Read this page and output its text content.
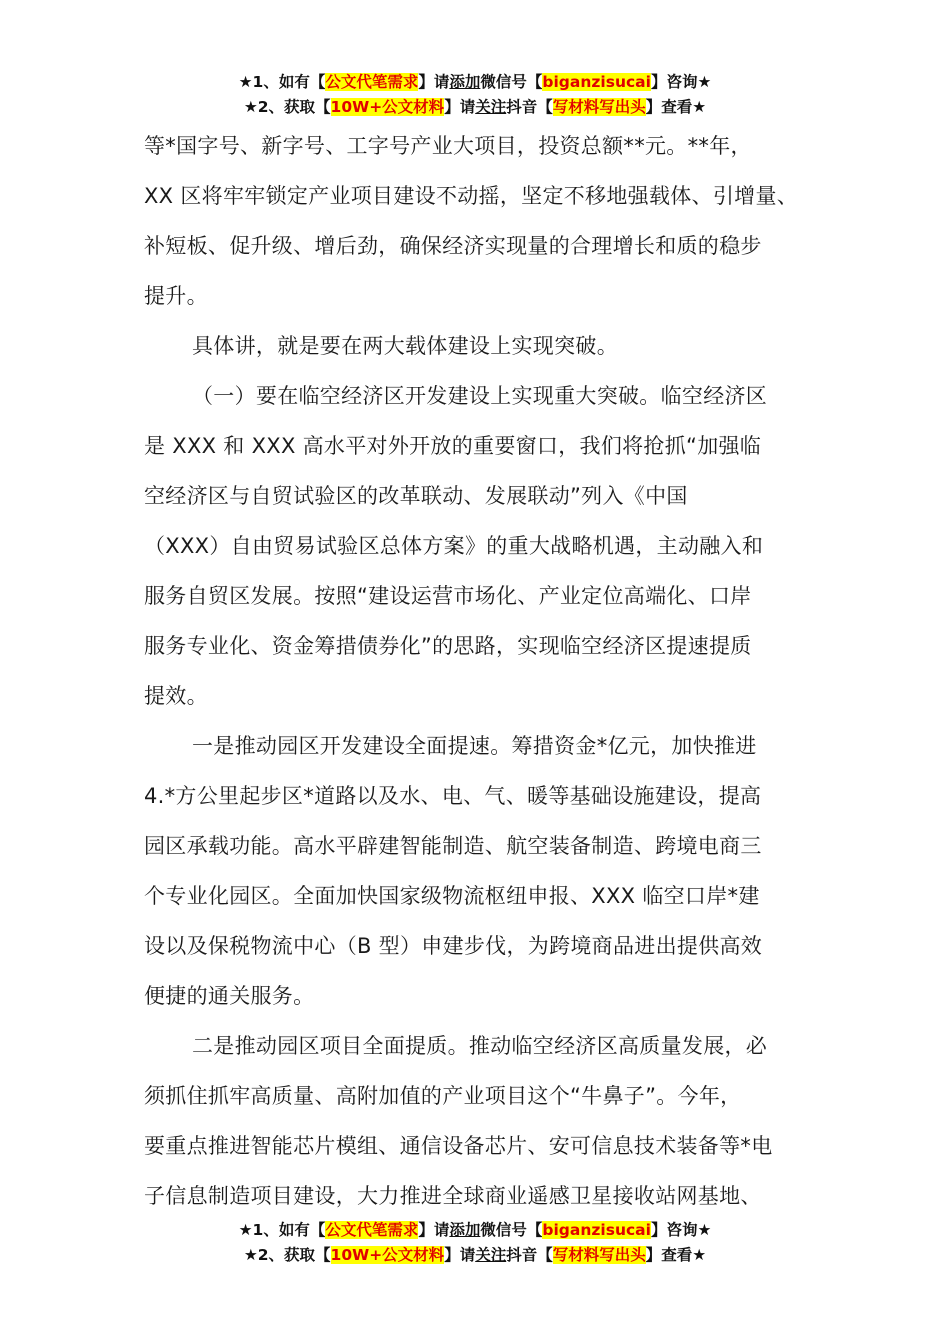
★1、如有【公文代笔需求】请添加微信号【biganzisucai】咨询★
★2、获取【10W+公文材料】请关注抖音【写材料写出头】查看★

等*国字号、新字号、工字号产业大项目，投资总额**元。**年，
XX 区将牢牢锁定产业项目建设不动摇，坚定不移地强载体、引增量、
补短板、促升级、增后劲，确保经济实现量的合理增长和质的稳步
提升。

具体讲，就是要在两大载体建设上实现突破。

（一）要在临空经济区开发建设上实现重大突破。临空经济区

是 XXX 和 XXX 高水平对外开放的重要窗口，我们将抢抓“加强临
空经济区与自贸试验区的改革联动、发展联动”列入《中国
（XXX）自由贸易试验区总体方案》的重大战略机遇，主动融入和
服务自贸区发展。按照“建设运营市场化、产业定位高端化、口岸
服务专业化、资金筹措债券化”的思路，实现临空经济区提速提质
提效。

一是推动园区开发建设全面提速。筹措资金*亿元，加快推进

4.*方公里起步区*道路以及水、电、气、暖等基础设施建设，提高
园区承载功能。高水平辟建智能制造、航空装备制造、跨境电商三
个专业化园区。全面加快国家级物流枢纽申报、XXX 临空口岸*建
设以及保税物流中心（B 型）申建步伐，为跨境商品进出提供高效
便捷的通关服务。

二是推动园区项目全面提质。推动临空经济区高质量发展，必

须抓住抓牢高质量、高附加值的产业项目这个“牛鼻子”。今年，
要重点推进智能芯片模组、通信设备芯片、安可信息技术装备等*电
子信息制造项目建设，大力推进全球商业遥感卫星接收站网基地、

★1、如有【公文代笔需求】请添加微信号【biganzisucai】咨询★
★2、获取【10W+公文材料】请关注抖音【写材料写出头】查看★
